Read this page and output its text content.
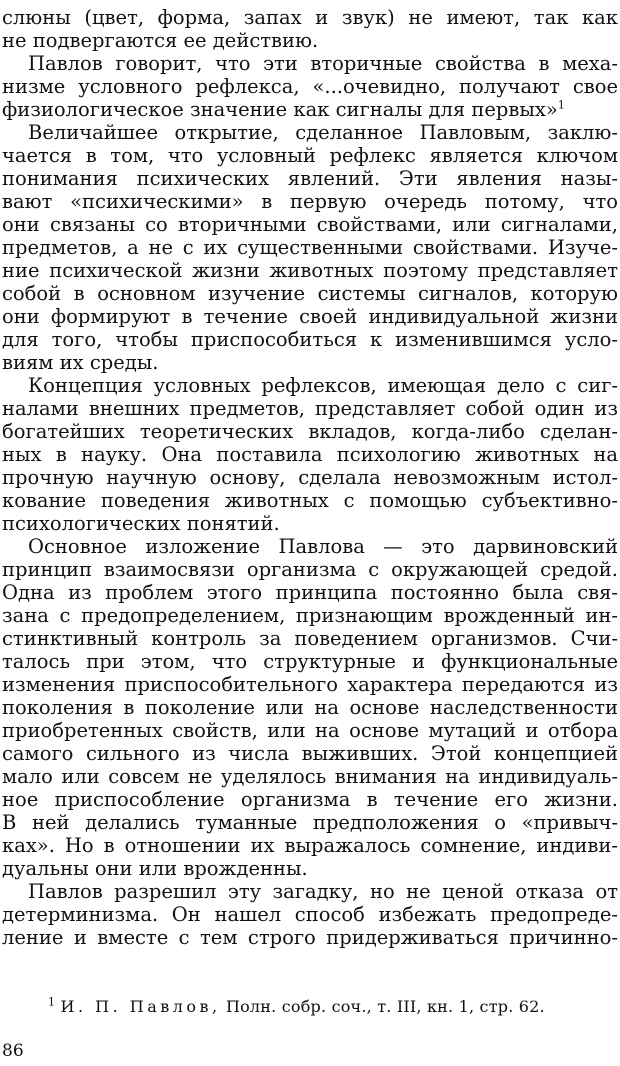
слюны (цвет, форма, запах и звук) не имеют, так как
не подвергаются ее действию.
Павлов говорит, что эти вторичные свойства в меха-
низме условного рефлекса, «...очевидно, получают свое
физиологическое значение как сигналы для первых»$^1$
Величайшее открытие, сделанное Павловым, заклю-
чается в том, что условный рефлекс является ключом
понимания психических явлений. Эти явления назы-
вают «психическими» в первую очередь потому, что
они связаны со вторичными свойствами, или сигналами,
предметов, а не с их существенными свойствами. Изуче-
ние психической жизни животных поэтому представляет
собой в основном изучение системы сигналов, которую
они формируют в течение своей индивидуальной жизни
для того, чтобы приспособиться к изменившимся усло-
виям их среды.
Концепция условных рефлексов, имеющая дело с сиг-
налами внешних предметов, представляет собой один из
богатейших теоретических вкладов, когда-либо сделан-
ных в науку. Она поставила психологию животных на
прочную научную основу, сделала невозможным истол-
кование поведения животных с помощью субъективно-
психологических понятий.
Основное изложение Павлова — это дарвиновский
принцип взаимосвязи организма с окружающей средой.
Одна из проблем этого принципа постоянно была свя-
зана с предопределением, признающим врожденный ин-
стинктивный контроль за поведением организмов. Счи-
талось при этом, что структурные и функциональные
изменения приспособительного характера передаются из
поколения в поколение или на основе наследственности
приобретенных свойств, или на основе мутаций и отбора
самого сильного из числа выживших. Этой концепцией
мало или совсем не уделялось внимания на индивидуаль-
ное приспособление организма в течение его жизни.
В ней делались туманные предположения о «привыч-
ках». Но в отношении их выражалось сомнение, индиви-
дуальны они или врожденны.
Павлов разрешил эту загадку, но не ценой отказа от
детерминизма. Он нашел способ избежать предопреде-
ление и вместе с тем строго придерживаться причинно-
$^1$ И. П. Павлов, Полн. собр. соч., т. III, кн. 1, стр. 62.
86
